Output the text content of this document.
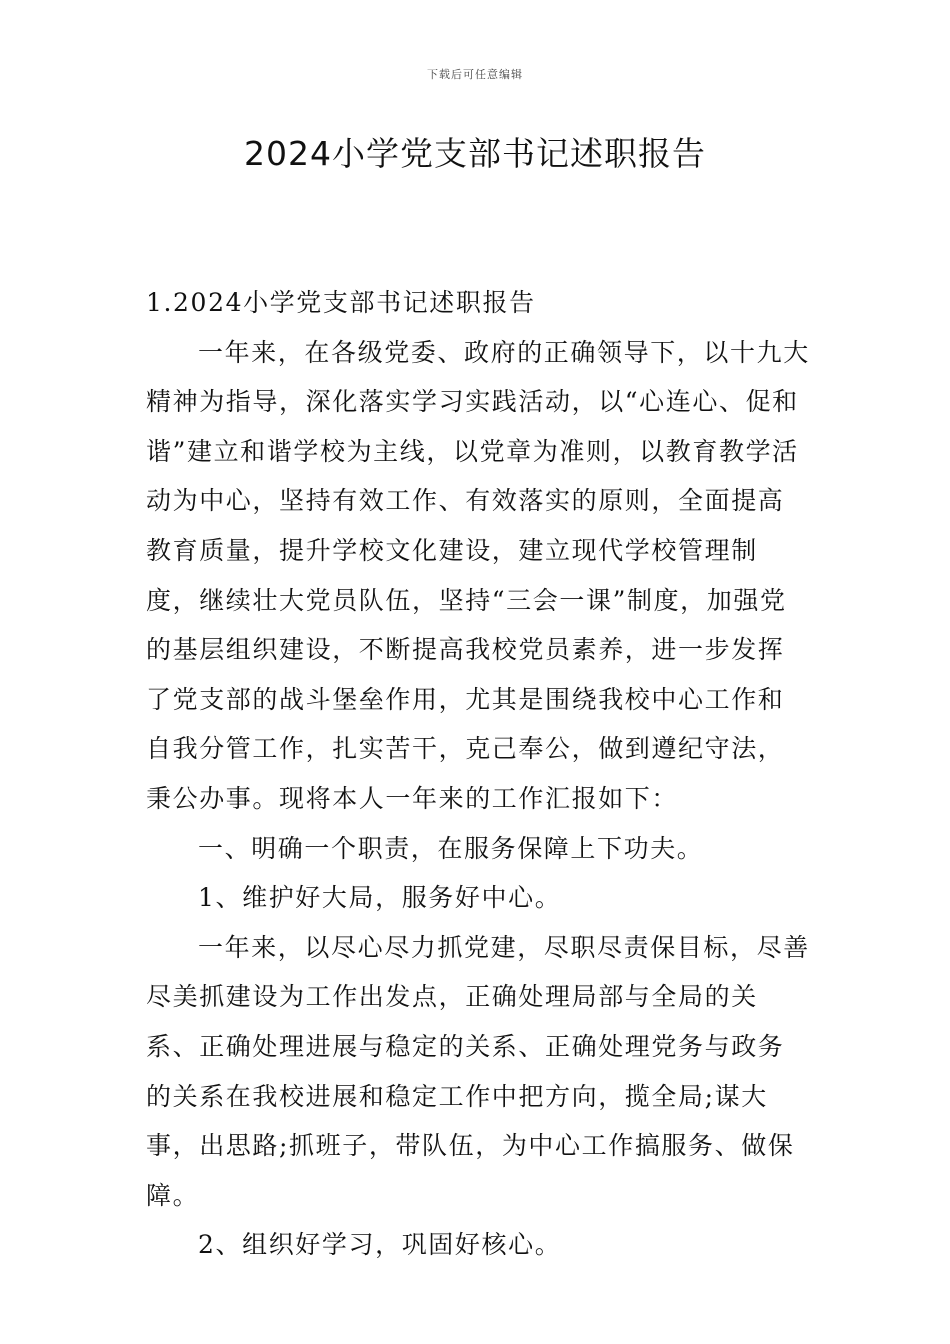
下载后可任意编辑
2024小学党支部书记述职报告

1.2024小学党支部书记述职报告

一年来，在各级党委、政府的正确领导下，以十九大精神为指导，深化落实学习实践活动，以“心连心、促和谐”建立和谐学校为主线，以党章为准则，以教育教学活动为中心，坚持有效工作、有效落实的原则，全面提高教育质量，提升学校文化建设，建立现代学校管理制度，继续壮大党员队伍，坚持“三会一课”制度，加强党的基层组织建设，不断提高我校党员素养，进一步发挥了党支部的战斗堡垒作用，尤其是围绕我校中心工作和自我分管工作，扎实苦干，克己奉公，做到遵纪守法，秉公办事。现将本人一年来的工作汇报如下：

一、明确一个职责，在服务保障上下功夫。

1、维护好大局，服务好中心。

一年来，以尽心尽力抓党建，尽职尽责保目标，尽善尽美抓建设为工作出发点，正确处理局部与全局的关系、正确处理进展与稳定的关系、正确处理党务与政务的关系在我校进展和稳定工作中把方向，揽全局;谋大事，出思路;抓班子，带队伍，为中心工作搞服务、做保障。

2、组织好学习，巩固好核心。
